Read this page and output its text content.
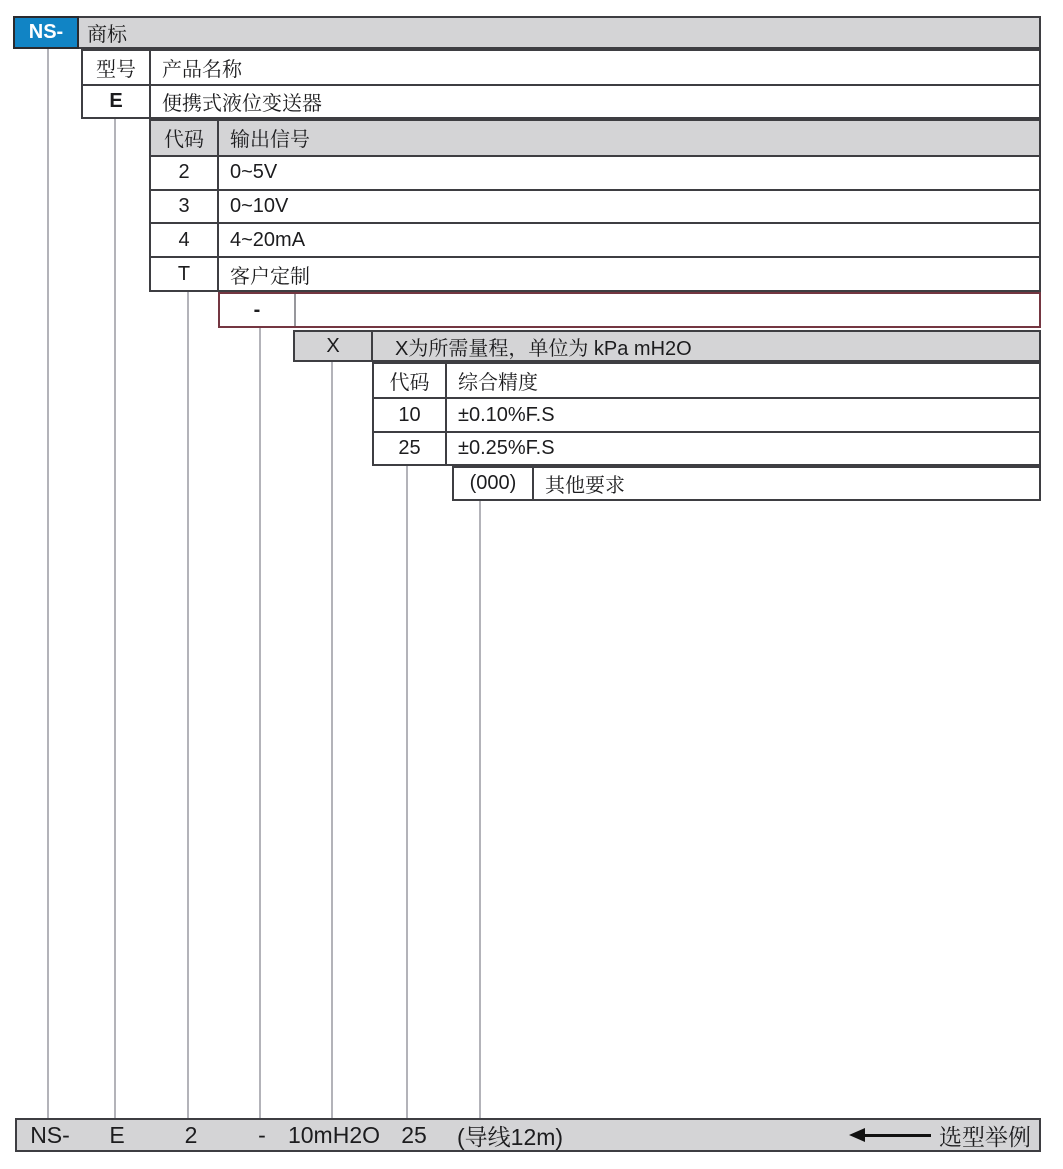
NS- 商标
型号	产品名称
E	便携式液位变送器
代码	输出信号
2	0~5V
3	0~10V
4	4~20mA
T	客户定制
-
X	X为所需量程，单位为 kPa mH2O
代码	综合精度
10	±0.10%F.S
25	±0.25%F.S
(000)	其他要求
NS- E	2	- 10mH2O 25 (导线12m)	选型举例
